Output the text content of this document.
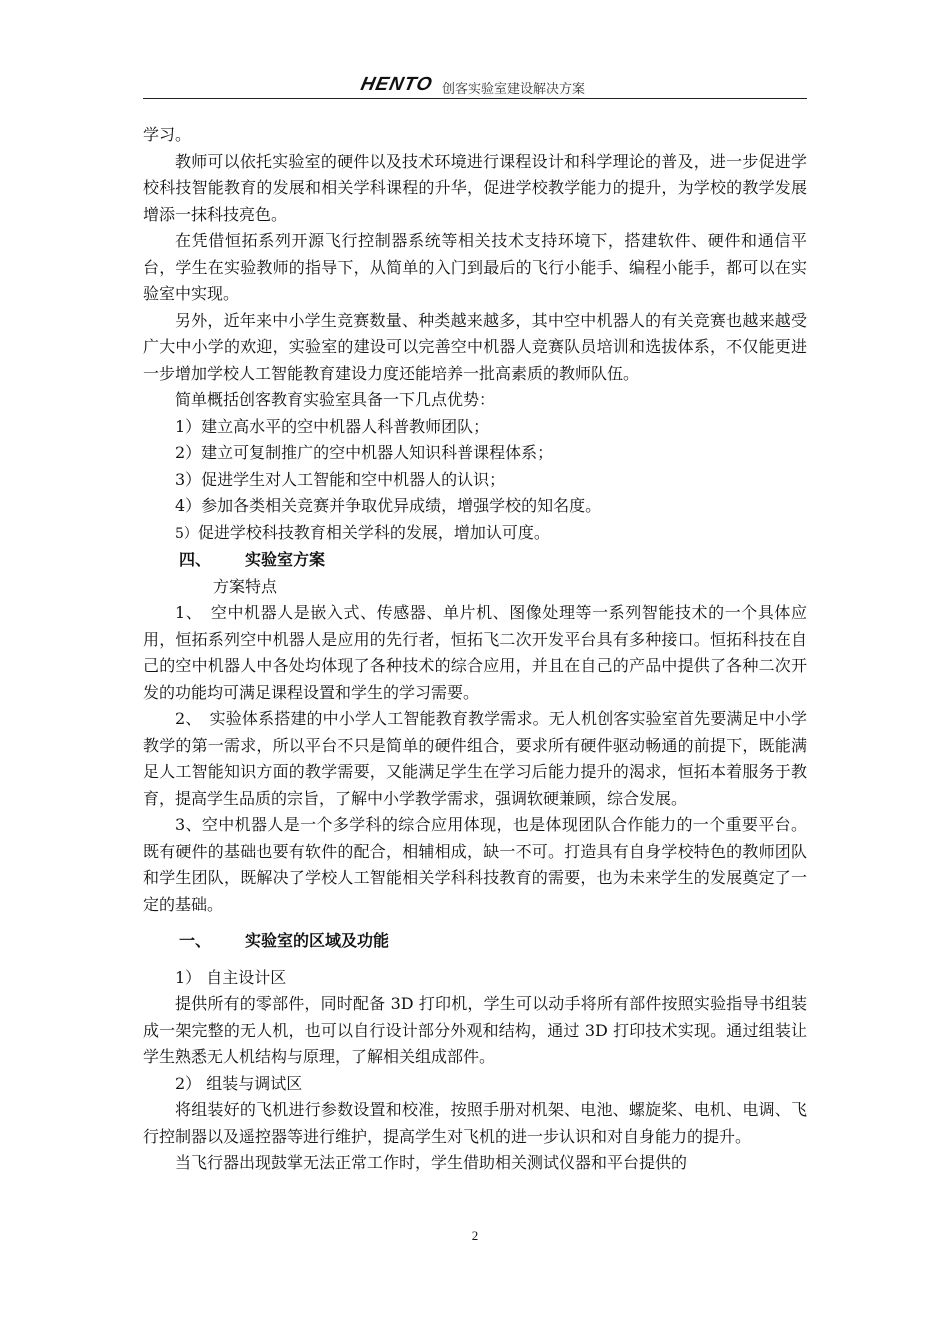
HENTO 创客实验室建设解决方案

学习。

教师可以依托实验室的硬件以及技术环境进行课程设计和科学理论的普及，进一步促进学校科技智能教育的发展和相关学科课程的升华，促进学校教学能力的提升，为学校的教学发展增添一抹科技亮色。

在凭借恒拓系列开源飞行控制器系统等相关技术支持环境下，搭建软件、硬件和通信平台，学生在实验教师的指导下，从简单的入门到最后的飞行小能手、编程小能手，都可以在实验室中实现。

另外，近年来中小学生竞赛数量、种类越来越多，其中空中机器人的有关竞赛也越来越受广大中小学的欢迎，实验室的建设可以完善空中机器人竞赛队员培训和选拔体系，不仅能更进一步增加学校人工智能教育建设力度还能培养一批高素质的教师队伍。

简单概括创客教育实验室具备一下几点优势：

1）建立高水平的空中机器人科普教师团队；

2）建立可复制推广的空中机器人知识科普课程体系；

3）促进学生对人工智能和空中机器人的认识；

4）参加各类相关竞赛并争取优异成绩，增强学校的知名度。

5）促进学校科技教育相关学科的发展，增加认可度。

四、 实验室方案

方案特点

1、　空中机器人是嵌入式、传感器、单片机、图像处理等一系列智能技术的一个具体应用，恒拓系列空中机器人是应用的先行者，恒拓飞二次开发平台具有多种接口。恒拓科技在自己的空中机器人中各处均体现了各种技术的综合应用，并且在自己的产品中提供了各种二次开发的功能均可满足课程设置和学生的学习需要。

2、　实验体系搭建的中小学人工智能教育教学需求。无人机创客实验室首先要满足中小学教学的第一需求，所以平台不只是简单的硬件组合，要求所有硬件驱动畅通的前提下，既能满足人工智能知识方面的教学需要，又能满足学生在学习后能力提升的渴求，恒拓本着服务于教育，提高学生品质的宗旨，了解中小学教学需求，强调软硬兼顾，综合发展。

3、空中机器人是一个多学科的综合应用体现，也是体现团队合作能力的一个重要平台。既有硬件的基础也要有软件的配合，相辅相成，缺一不可。打造具有自身学校特色的教师团队和学生团队，既解决了学校人工智能相关学科科技教育的需要，也为未来学生的发展奠定了一定的基础。

一、 实验室的区域及功能

1） 自主设计区

提供所有的零部件，同时配备 3D 打印机，学生可以动手将所有部件按照实验指导书组装成一架完整的无人机，也可以自行设计部分外观和结构，通过 3D 打印技术实现。通过组装让学生熟悉无人机结构与原理，了解相关组成部件。

2） 组装与调试区

将组装好的飞机进行参数设置和校准，按照手册对机架、电池、螺旋桨、电机、电调、飞行控制器以及遥控器等进行维护，提高学生对飞机的进一步认识和对自身能力的提升。

当飞行器出现鼓掌无法正常工作时，学生借助相关测试仪器和平台提供的

2
